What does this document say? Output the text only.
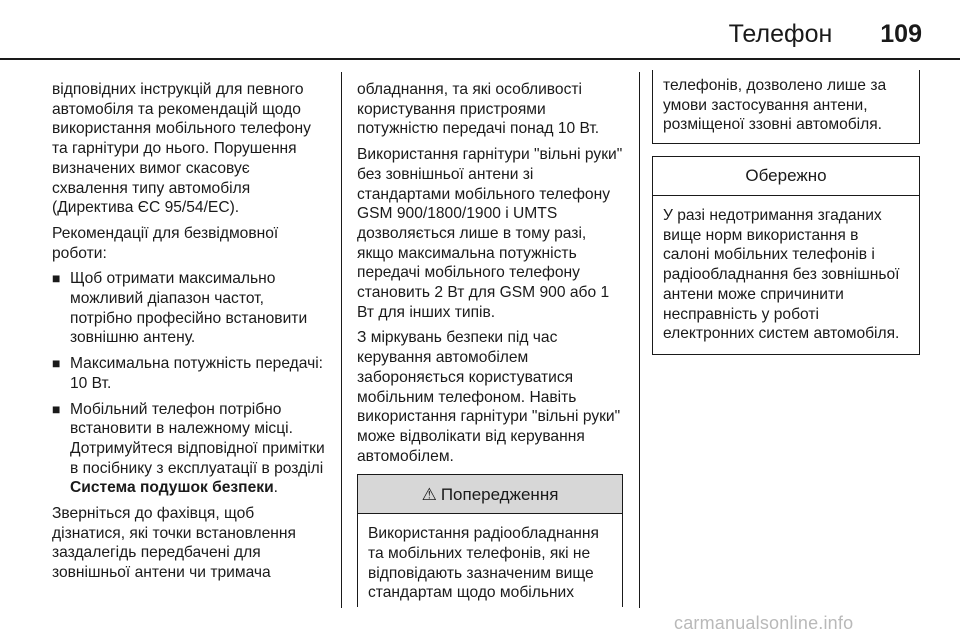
Телефон 109

відповідних інструкцій для певного автомобіля та рекомендацій щодо використання мобільного телефону та гарнітури до нього. Порушення визначених вимог скасовує схвалення типу автомобіля (Директива ЄС 95/54/ЕС).

Рекомендації для безвідмовної роботи:

■ Щоб отримати максимально можливий діапазон частот, потрібно професійно встановити зовнішню антену.
■ Максимальна потужність передачі: 10 Вт.
■ Мобільний телефон потрібно встановити в належному місці. Дотримуйтеся відповідної примітки в посібнику з експлуатації в розділі Система подушок безпеки.

Зверніться до фахівця, щоб дізнатися, які точки встановлення заздалегідь передбачені для зовнішньої антени чи тримача

обладнання, та які особливості користування пристроями потужністю передачі понад 10 Вт.

Використання гарнітури "вільні руки" без зовнішньої антени зі стандартами мобільного телефону GSM 900/1800/1900 і UMTS дозволяється лише в тому разі, якщо максимальна потужність передачі мобільного телефону становить 2 Вт для GSM 900 або 1 Вт для інших типів.

З міркувань безпеки під час керування автомобілем забороняється користуватися мобільним телефоном. Навіть використання гарнітури "вільні руки" може відволікати від керування автомобілем.

⚠ Попередження
Використання радіообладнання та мобільних телефонів, які не відповідають зазначеним вище стандартам щодо мобільних
телефонів, дозволено лише за умови застосування антени, розміщеної ззовні автомобіля.
Обережно
У разі недотримання згаданих вище норм використання в салоні мобільних телефонів і радіообладнання без зовнішньої антени може спричинити несправність у роботі електронних систем автомобіля.
carmanualsonline.info
